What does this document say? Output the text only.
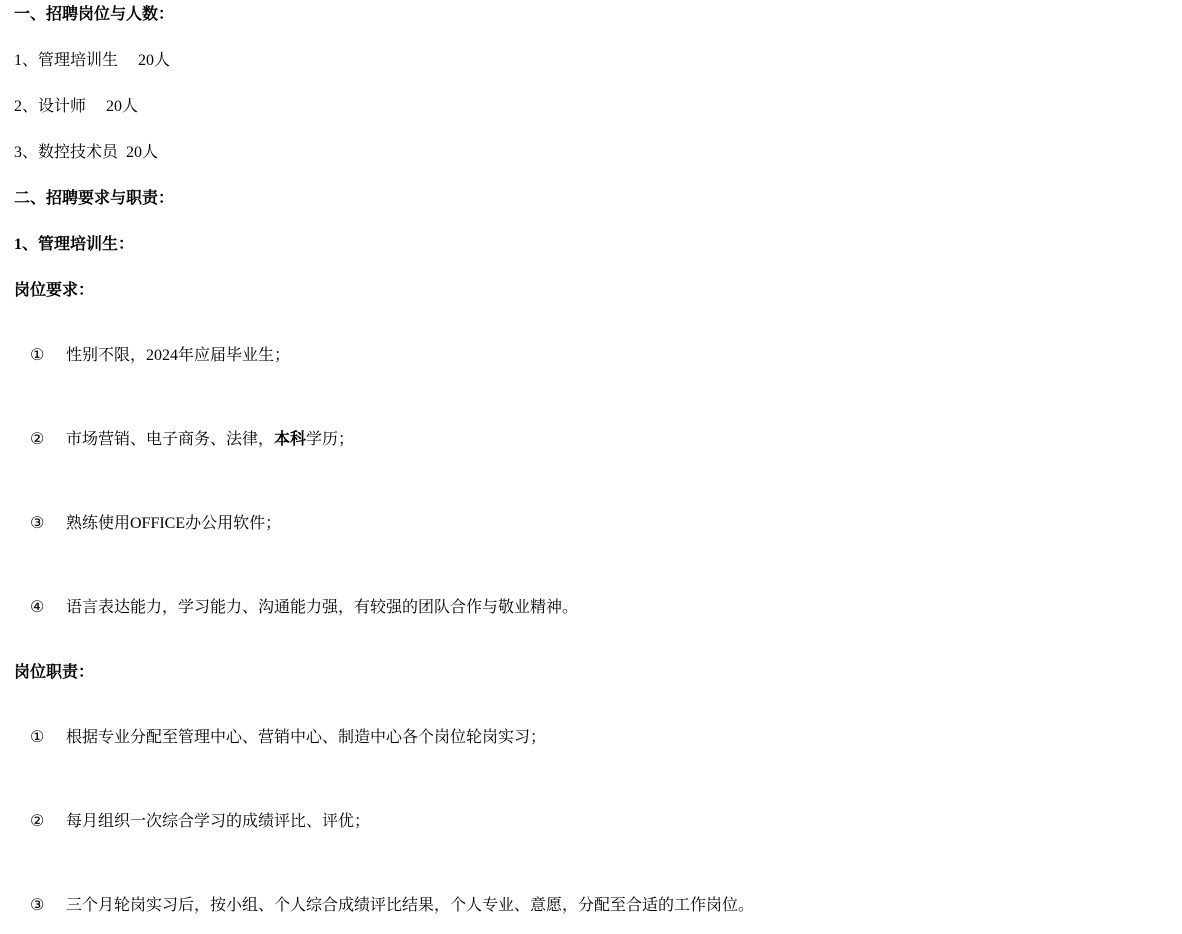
一、招聘岗位与人数：

1、管理培训生     20人

2、设计师     20人

3、数控技术员  20人

二、招聘要求与职责：

1、管理培训生：

岗位要求：

① 性别不限，2024年应届毕业生；

② 市场营销、电子商务、法律，本科学历；

③ 熟练使用OFFICE办公用软件；

④ 语言表达能力，学习能力、沟通能力强，有较强的团队合作与敬业精神。

岗位职责：

① 根据专业分配至管理中心、营销中心、制造中心各个岗位轮岗实习；

② 每月组织一次综合学习的成绩评比、评优；

③ 三个月轮岗实习后，按小组、个人综合成绩评比结果，个人专业、意愿，分配至合适的工作岗位。
